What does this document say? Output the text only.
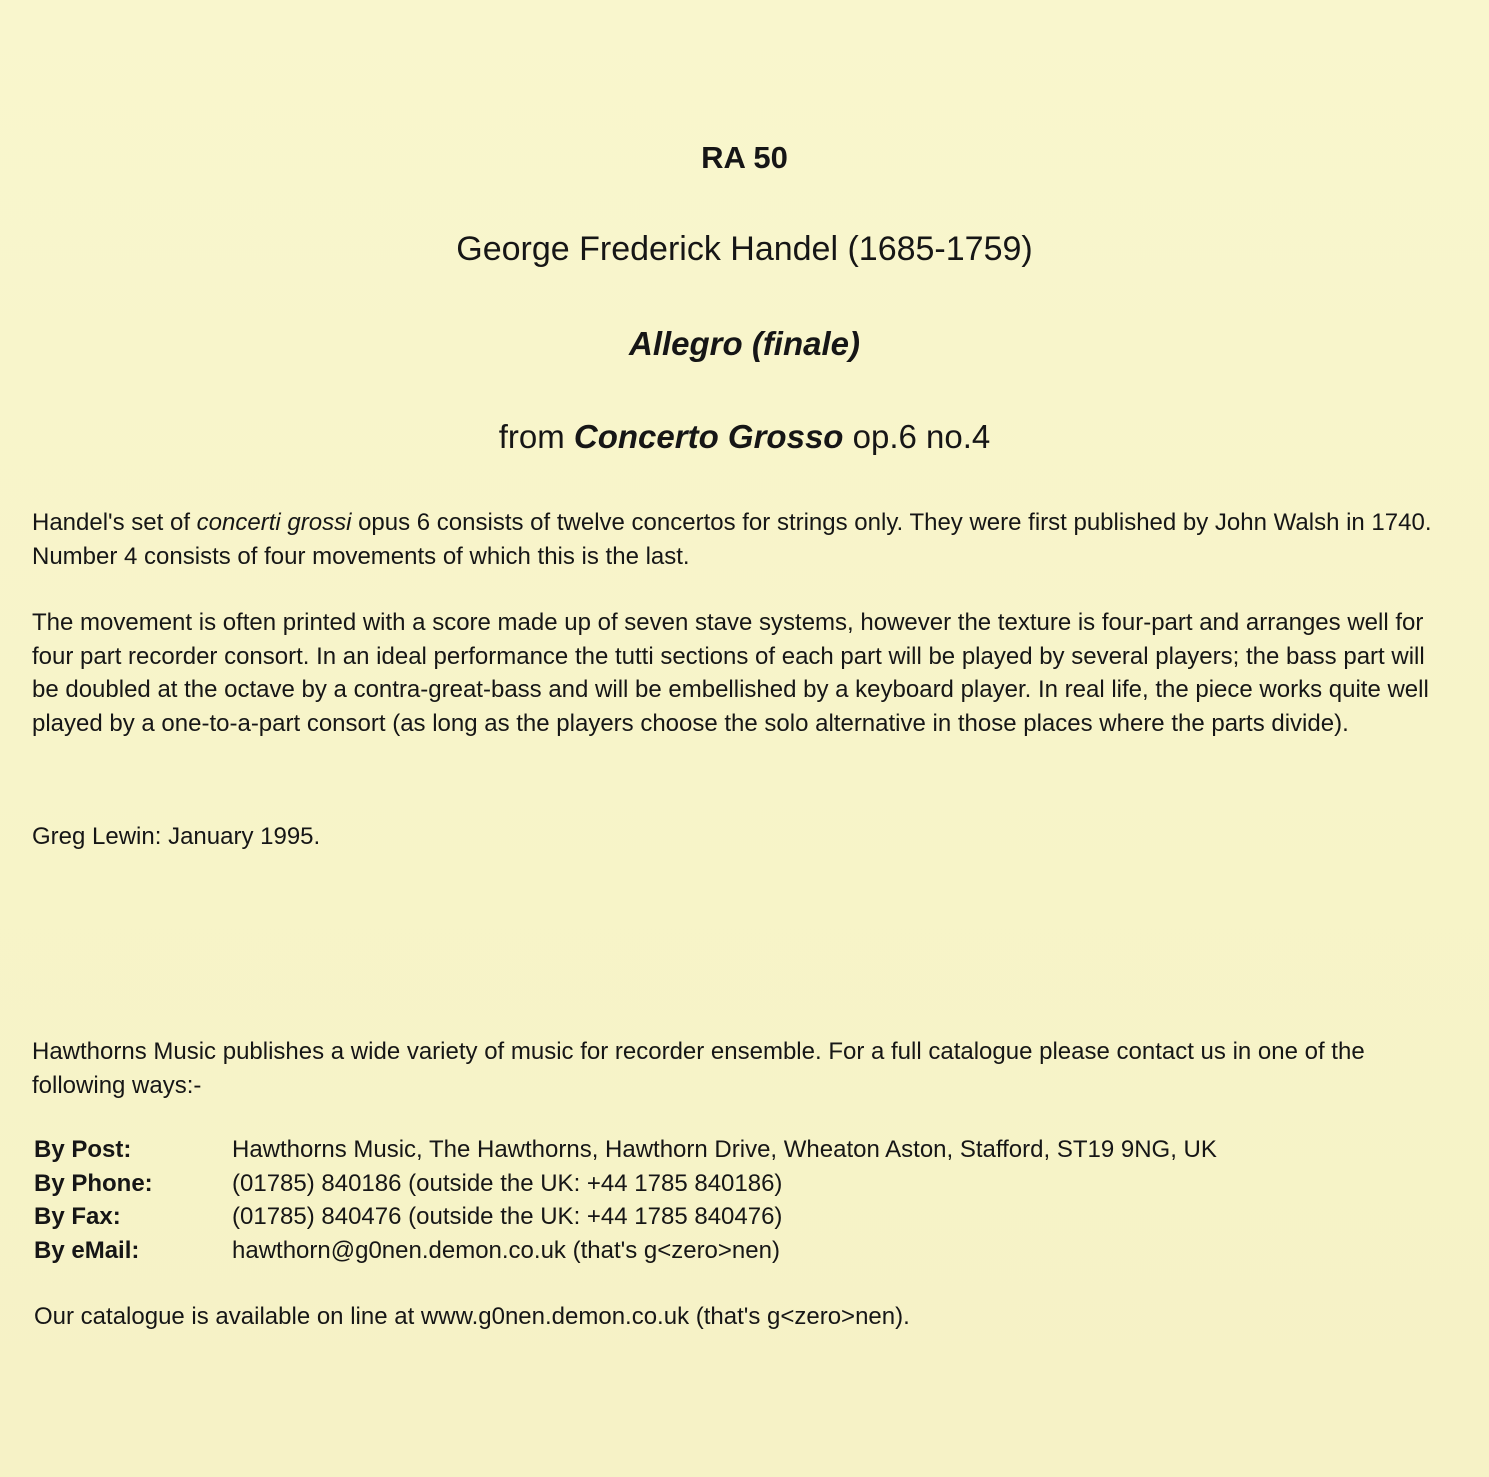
RA 50
George Frederick Handel (1685-1759)
Allegro (finale)
from Concerto Grosso op.6 no.4

Handel's set of concerti grossi opus 6 consists of twelve concertos for strings only. They were first published by John Walsh in 1740. Number 4 consists of four movements of which this is the last.

The movement is often printed with a score made up of seven stave systems, however the texture is four-part and arranges well for four part recorder consort. In an ideal performance the tutti sections of each part will be played by several players; the bass part will be doubled at the octave by a contra-great-bass and will be embellished by a keyboard player. In real life, the piece works quite well played by a one-to-a-part consort (as long as the players choose the solo alternative in those places where the parts divide).

Greg Lewin: January 1995.

Hawthorns Music publishes a wide variety of music for recorder ensemble. For a full catalogue please contact us in one of the following ways:-

By Post:	Hawthorns Music, The Hawthorns, Hawthorn Drive, Wheaton Aston, Stafford, ST19 9NG, UK
By Phone:	(01785) 840186 (outside the UK: +44 1785 840186)
By Fax:	(01785) 840476 (outside the UK: +44 1785 840476)
By eMail:	hawthorn@g0nen.demon.co.uk (that's g<zero>nen)

Our catalogue is available on line at www.g0nen.demon.co.uk (that's g<zero>nen).
